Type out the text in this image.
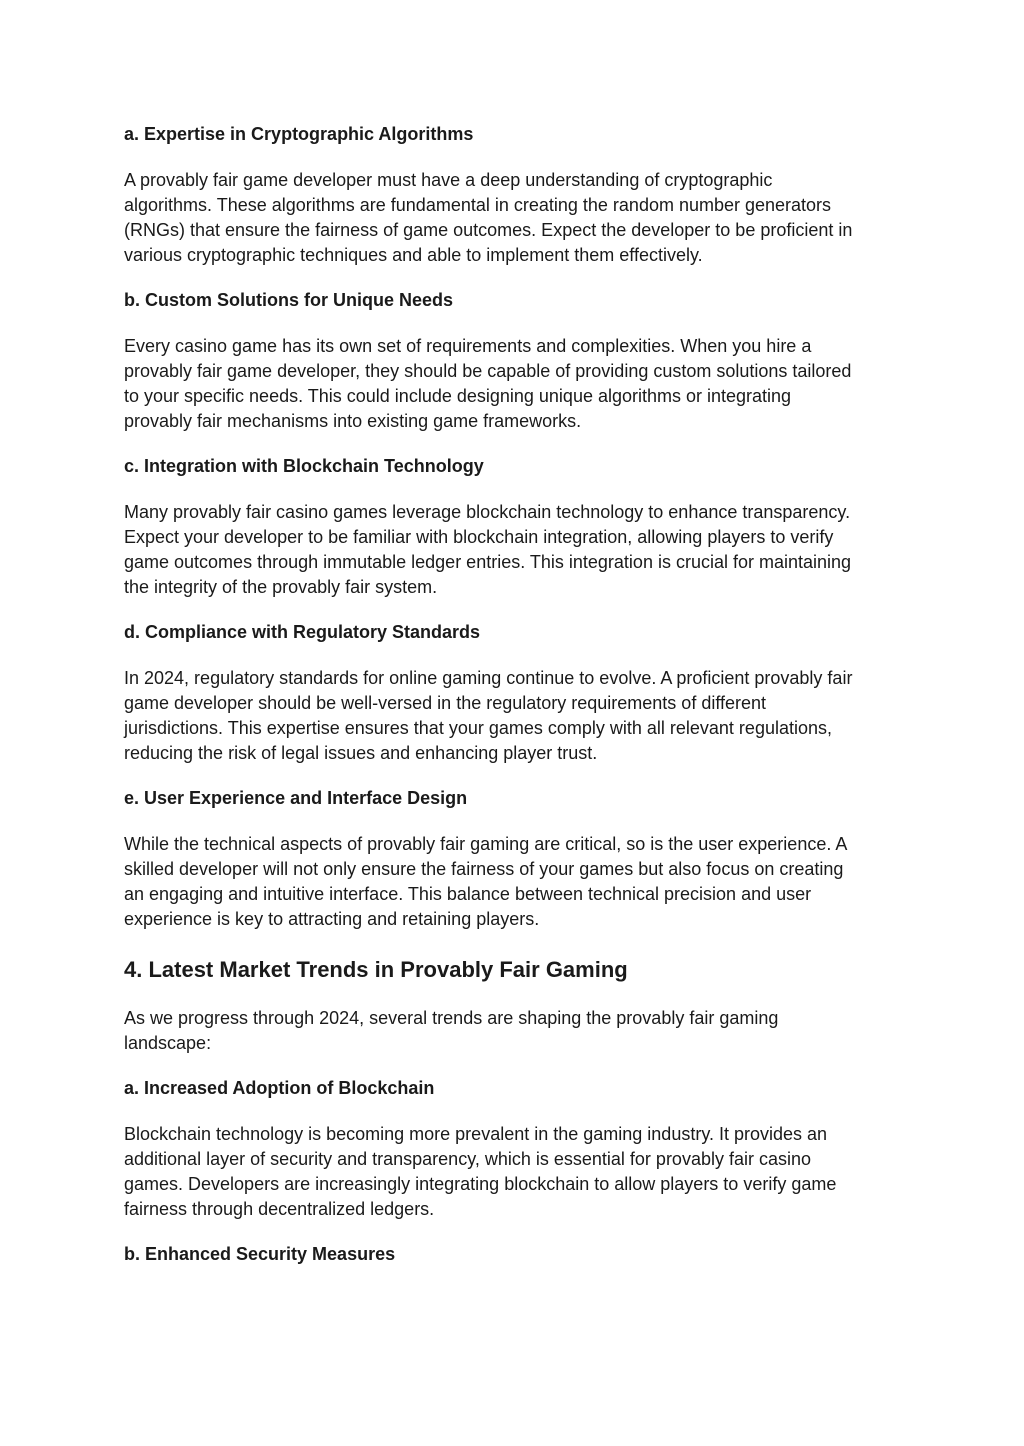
a. Expertise in Cryptographic Algorithms

A provably fair game developer must have a deep understanding of cryptographic
algorithms. These algorithms are fundamental in creating the random number generators
(RNGs) that ensure the fairness of game outcomes. Expect the developer to be proficient in
various cryptographic techniques and able to implement them effectively.

b. Custom Solutions for Unique Needs

Every casino game has its own set of requirements and complexities. When you hire a
provably fair game developer, they should be capable of providing custom solutions tailored
to your specific needs. This could include designing unique algorithms or integrating
provably fair mechanisms into existing game frameworks.

c. Integration with Blockchain Technology

Many provably fair casino games leverage blockchain technology to enhance transparency.
Expect your developer to be familiar with blockchain integration, allowing players to verify
game outcomes through immutable ledger entries. This integration is crucial for maintaining
the integrity of the provably fair system.

d. Compliance with Regulatory Standards

In 2024, regulatory standards for online gaming continue to evolve. A proficient provably fair
game developer should be well-versed in the regulatory requirements of different
jurisdictions. This expertise ensures that your games comply with all relevant regulations,
reducing the risk of legal issues and enhancing player trust.

e. User Experience and Interface Design

While the technical aspects of provably fair gaming are critical, so is the user experience. A
skilled developer will not only ensure the fairness of your games but also focus on creating
an engaging and intuitive interface. This balance between technical precision and user
experience is key to attracting and retaining players.

4. Latest Market Trends in Provably Fair Gaming

As we progress through 2024, several trends are shaping the provably fair gaming
landscape:

a. Increased Adoption of Blockchain

Blockchain technology is becoming more prevalent in the gaming industry. It provides an
additional layer of security and transparency, which is essential for provably fair casino
games. Developers are increasingly integrating blockchain to allow players to verify game
fairness through decentralized ledgers.

b. Enhanced Security Measures
